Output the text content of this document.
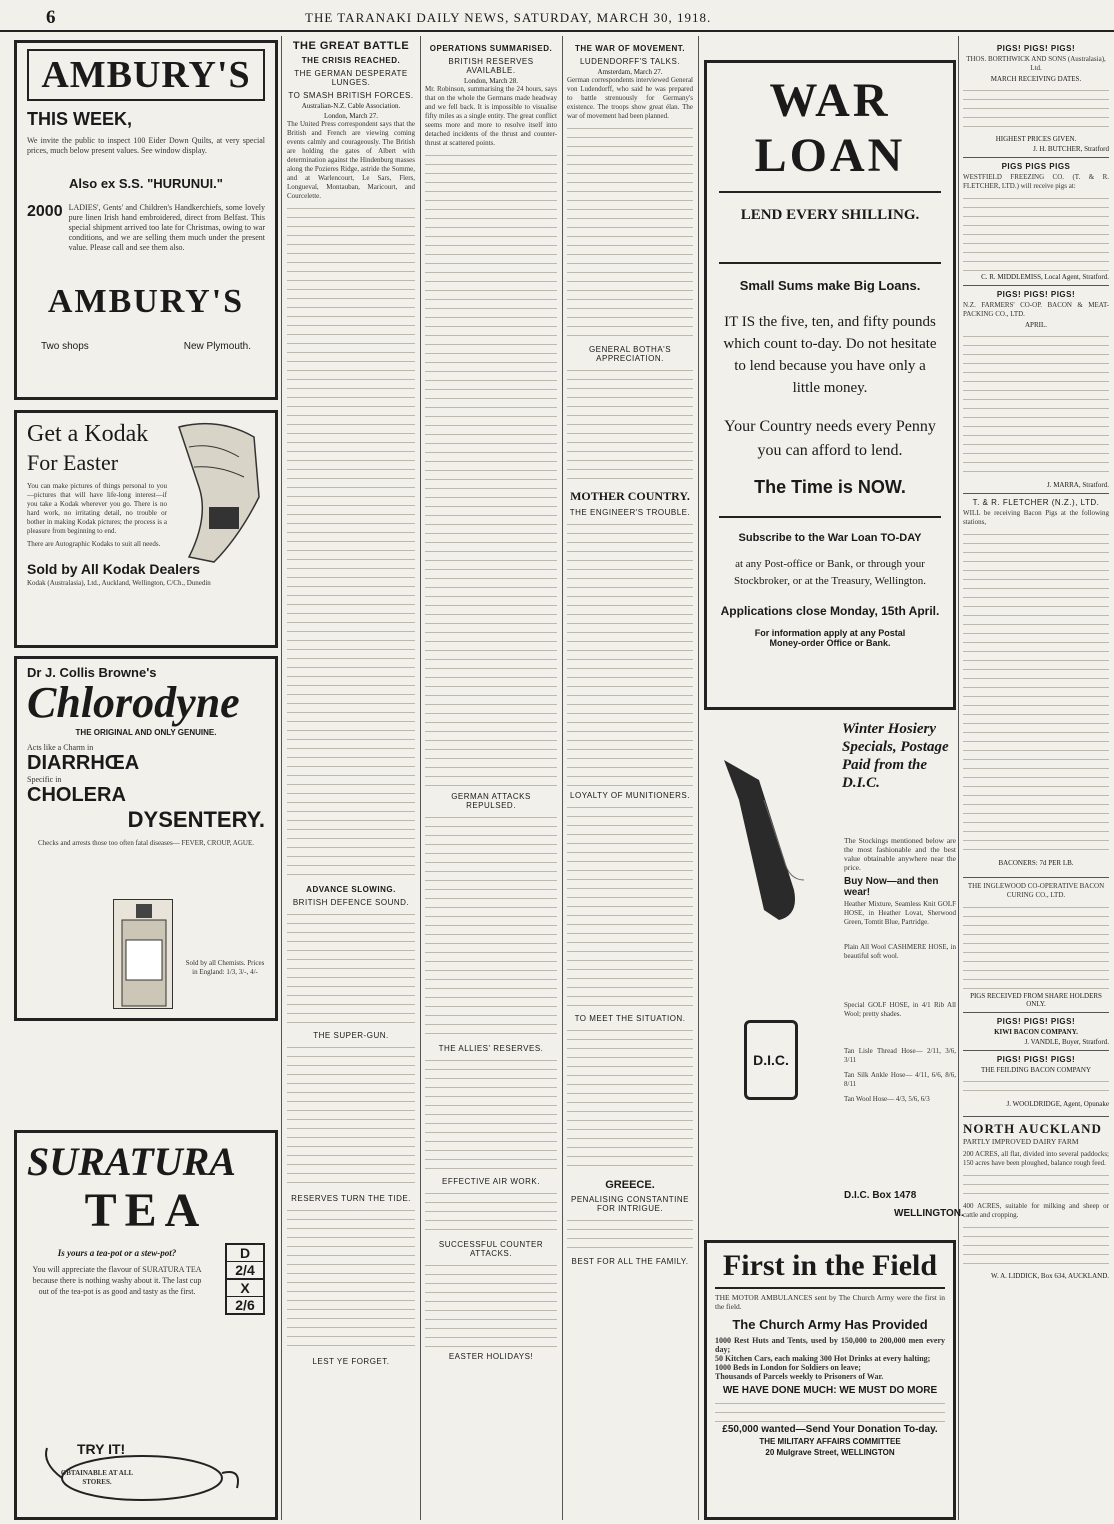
6	THE TARANAKI DAILY NEWS, SATURDAY, MARCH 30, 1918.
AMBURY'S
THIS WEEK,
We invite the public to inspect 100 Eider Down Quilts, at very special prices, much below present values. See window display.
Also ex S.S. "HURUNUI."
2000 LADIES', Gents' and Children's Handkerchiefs, some lovely pure linen Irish hand embroidered, direct from Belfast. This special shipment arrived too late for Christmas, owing to war conditions, and we are selling them much under the present value. Please call and see them also.
AMBURY'S
Two shops	New Plymouth.
Get a Kodak
For Easter
You can make pictures of things personal to you—pictures that will have life-long interest—if you take a Kodak wherever you go. There is no hard work, no irritating detail, no trouble or bother in making Kodak pictures; the process is a pleasure from beginning to end.
There are Autographic Kodaks to suit all needs.
Sold by All Kodak Dealers
Kodak (Australasia), Ltd., Auckland, Wellington, C/Ch., Dunedin
Dr J. Collis Browne's
Chlorodyne
THE ORIGINAL AND ONLY GENUINE.
Acts like a Charm in
DIARRHŒA
Specific in
CHOLERA
DYSENTERY.
Checks and arrests those too often fatal diseases— FEVER, CROUP, AGUE.
Sold by all Chemists. Prices in England: 1/3, 3/-, 4/-
SURATURA
TEA
D
2/4
X
2/6
Is yours a tea-pot or a stew-pot?
You will appreciate the flavour of SURATURA TEA because there is nothing washy about it. The last cup out of the tea-pot is as good and tasty as the first.
TRY IT!
OBTAINABLE AT ALL STORES.
THE GREAT BATTLE
THE CRISIS REACHED.
THE GERMAN DESPERATE LUNGES.
TO SMASH BRITISH FORCES.
Australian-N.Z. Cable Association.
London, March 27.
The United Press correspondent says that the British and French are viewing coming events calmly and courageously. The British are holding the gates of Albert with determination against the Hindenburg masses along the Pozieres Ridge, astride the Somme, and at Warlencourt, Le Sars, Flers, Longueval, Montauban, Maricourt, and Courcelette.
ADVANCE SLOWING.
BRITISH DEFENCE SOUND.
THE SUPER-GUN.
RESERVES TURN THE TIDE.
LEST YE FORGET.
OPERATIONS SUMMARISED.
BRITISH RESERVES AVAILABLE.
London, March 28.
Mr. Robinson, summarising the 24 hours, says that on the whole the Germans made headway and we fell back. It is impossible to visualise fifty miles as a single entity. The great conflict seems more and more to resolve itself into detached incidents of the thrust and counter-thrust at scattered points.
GERMAN ATTACKS REPULSED.
THE ALLIES' RESERVES.
EFFECTIVE AIR WORK.
SUCCESSFUL COUNTER ATTACKS.
EASTER HOLIDAYS!
THE WAR OF MOVEMENT.
LUDENDORFF'S TALKS.
Amsterdam, March 27.
German correspondents interviewed General von Ludendorff, who said he was prepared to battle strenuously for Germany's existence. The troops show great élan. The war of movement had been planned.
GENERAL BOTHA'S APPRECIATION.
MOTHER COUNTRY.
THE ENGINEER'S TROUBLE.
LOYALTY OF MUNITIONERS.
TO MEET THE SITUATION.
GREECE.
PENALISING CONSTANTINE FOR INTRIGUE.
BEST FOR ALL THE FAMILY.
WAR LOAN
LEND EVERY SHILLING.
Small Sums make Big Loans.
IT IS the five, ten, and fifty pounds which count to-day. Do not hesitate to lend because you have only a little money.
Your Country needs every Penny you can afford to lend.
The Time is NOW.
Subscribe to the War Loan TO-DAY
at any Post-office or Bank, or through your Stockbroker, or at the Treasury, Wellington.
Applications close Monday, 15th April.
For information apply at any Postal Money-order Office or Bank.
Winter Hosiery Specials, Postage Paid from the D.I.C.
The Stockings mentioned below are the most fashionable and the best value obtainable anywhere near the price.
Buy Now—and then wear!
D.I.C.
Heather Mixture, Seamless Knit GOLF HOSE, in Heather Lovat, Sherwood Green, Tomtit Blue, Partridge.
Plain All Wool CASHMERE HOSE, in beautiful soft wool.
Special GOLF HOSE, in 4/1 Rib All Wool; pretty shades.
Tan Lisle Thread Hose— 2/11, 3/6, 3/11
Tan Silk Ankle Hose— 4/11, 6/6, 8/6, 8/11
Tan Wool Hose— 4/3, 5/6, 6/3
D.I.C. Box 1478
WELLINGTON.
First in the Field
THE MOTOR AMBULANCES sent by The Church Army were the first in the field.
The Church Army Has Provided
1000 Rest Huts and Tents, used by 150,000 to 200,000 men every day;
50 Kitchen Cars, each making 300 Hot Drinks at every halting;
1000 Beds in London for Soldiers on leave;
Thousands of Parcels weekly to Prisoners of War.
WE HAVE DONE MUCH: WE MUST DO MORE
£50,000 wanted—Send Your Donation To-day.
THE MILITARY AFFAIRS COMMITTEE
20 Mulgrave Street, WELLINGTON
PIGS! PIGS! PIGS!
THOS. BORTHWICK AND SONS (Australasia), Ltd.
MARCH RECEIVING DATES.
HIGHEST PRICES GIVEN.
J. H. BUTCHER, Stratford
PIGS PIGS PIGS
WESTFIELD FREEZING CO. (T. & R. FLETCHER, LTD.) will receive pigs at:
C. R. MIDDLEMISS, Local Agent, Stratford.
PIGS! PIGS! PIGS!
N.Z. FARMERS' CO-OP. BACON & MEAT-PACKING CO., LTD.
APRIL.
J. MARRA, Stratford.
T. & R. FLETCHER (N.Z.), LTD.
WILL be receiving Bacon Pigs at the following stations,
BACONERS: 7d PER LB.
THE INGLEWOOD CO-OPERATIVE BACON CURING CO., LTD.
PIGS RECEIVED FROM SHARE HOLDERS ONLY.
PIGS! PIGS! PIGS!
KIWI BACON COMPANY.
J. VANDLE, Buyer, Stratford.
PIGS! PIGS! PIGS!
THE FEILDING BACON COMPANY
J. WOOLDRIDGE, Agent, Opunake
NORTH AUCKLAND
PARTLY IMPROVED DAIRY FARM
200 ACRES, all flat, divided into several paddocks; 150 acres have been ploughed, balance rough feed.
400 ACRES, suitable for milking and sheep or cattle and cropping.
W. A. LIDDICK, Box 634, AUCKLAND.
